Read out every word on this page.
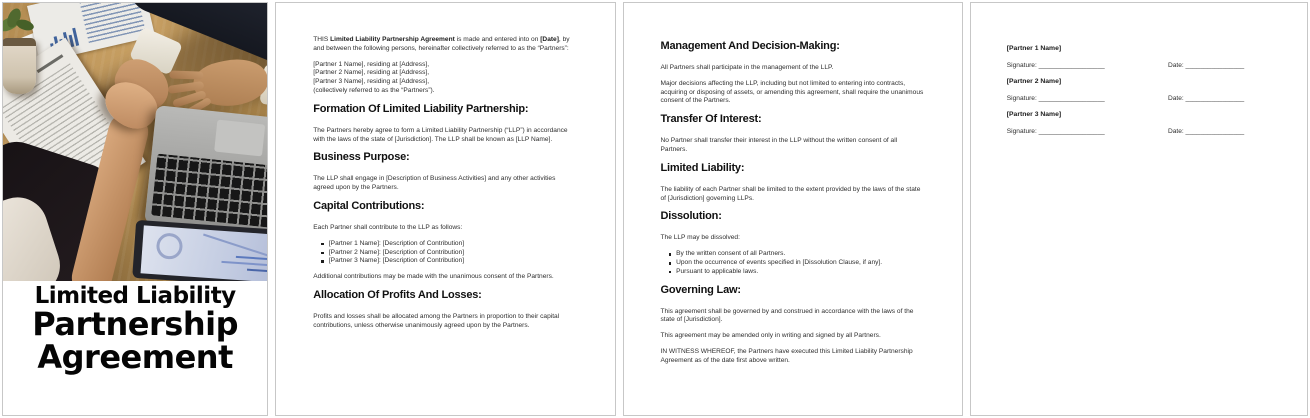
Limited Liability
Partnership
Agreement

THIS Limited Liability Partnership Agreement is made and entered into on [Date], by and between the following persons, hereinafter collectively referred to as the “Partners”:

[Partner 1 Name], residing at [Address],
[Partner 2 Name], residing at [Address],
[Partner 3 Name], residing at [Address],
(collectively referred to as the “Partners”).
Formation Of Limited Liability Partnership:

The Partners hereby agree to form a Limited Liability Partnership (“LLP”) in accordance with the laws of the state of [Jurisdiction]. The LLP shall be known as [LLP Name].

Business Purpose:

The LLP shall engage in [Description of Business Activities] and any other activities agreed upon by the Partners.

Capital Contributions:

Each Partner shall contribute to the LLP as follows:

[Partner 1 Name]: [Description of Contribution]
[Partner 2 Name]: [Description of Contribution]
[Partner 3 Name]: [Description of Contribution]

Additional contributions may be made with the unanimous consent of the Partners.

Allocation Of Profits And Losses:

Profits and losses shall be allocated among the Partners in proportion to their capital contributions, unless otherwise unanimously agreed upon by the Partners.

Management And Decision-Making:

All Partners shall participate in the management of the LLP.

Major decisions affecting the LLP, including but not limited to entering into contracts, acquiring or disposing of assets, or amending this agreement, shall require the unanimous consent of the Partners.

Transfer Of Interest:

No Partner shall transfer their interest in the LLP without the written consent of all Partners.

Limited Liability:

The liability of each Partner shall be limited to the extent provided by the laws of the state of [Jurisdiction] governing LLPs.

Dissolution:

The LLP may be dissolved:

By the written consent of all Partners.
Upon the occurrence of events specified in [Dissolution Clause, if any].
Pursuant to applicable laws.
Governing Law:

This agreement shall be governed by and construed in accordance with the laws of the state of [Jurisdiction].

This agreement may be amended only in writing and signed by all Partners.

IN WITNESS WHEREOF, the Partners have executed this Limited Liability Partnership Agreement as of the date first above written.

[Partner 1 Name]
Signature: __________________	Date: ________________
[Partner 2 Name]
Signature: __________________	Date: ________________
[Partner 3 Name]
Signature: __________________	Date: ________________
